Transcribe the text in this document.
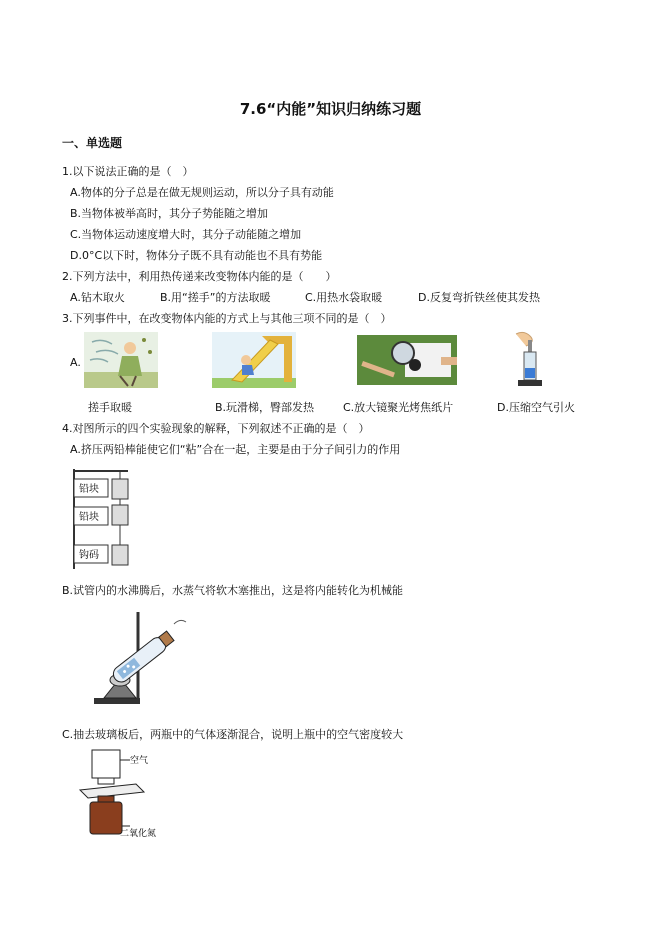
7.6“内能”知识归纳练习题
一、单选题
1.以下说法正确的是（　）
A.物体的分子总是在做无规则运动，所以分子具有动能
B.当物体被举高时，其分子势能随之增加
C.当物体运动速度增大时，其分子动能随之增加
D.0°C以下时，物体分子既不具有动能也不具有势能
2.下列方法中，利用热传递来改变物体内能的是（　　）
A.钻木取火	B.用“搓手”的方法取暖	C.用热水袋取暖	D.反复弯折铁丝使其发热
3.下列事件中，在改变物体内能的方式上与其他三项不同的是（　）
A.
搓手取暖	B.玩滑梯，臀部发热	C.放大镜聚光烤焦纸片	D.压缩空气引火
4.对图所示的四个实验现象的解释，下列叙述不正确的是（　）
A.挤压两铅棒能使它们“粘”合在一起，主要是由于分子间引力的作用
铅块
铅块
钩码
B.试管内的水沸腾后，水蒸气将软木塞推出，这是将内能转化为机械能
C.抽去玻璃板后，两瓶中的气体逐渐混合，说明上瓶中的空气密度较大
空气
二氧化氮
